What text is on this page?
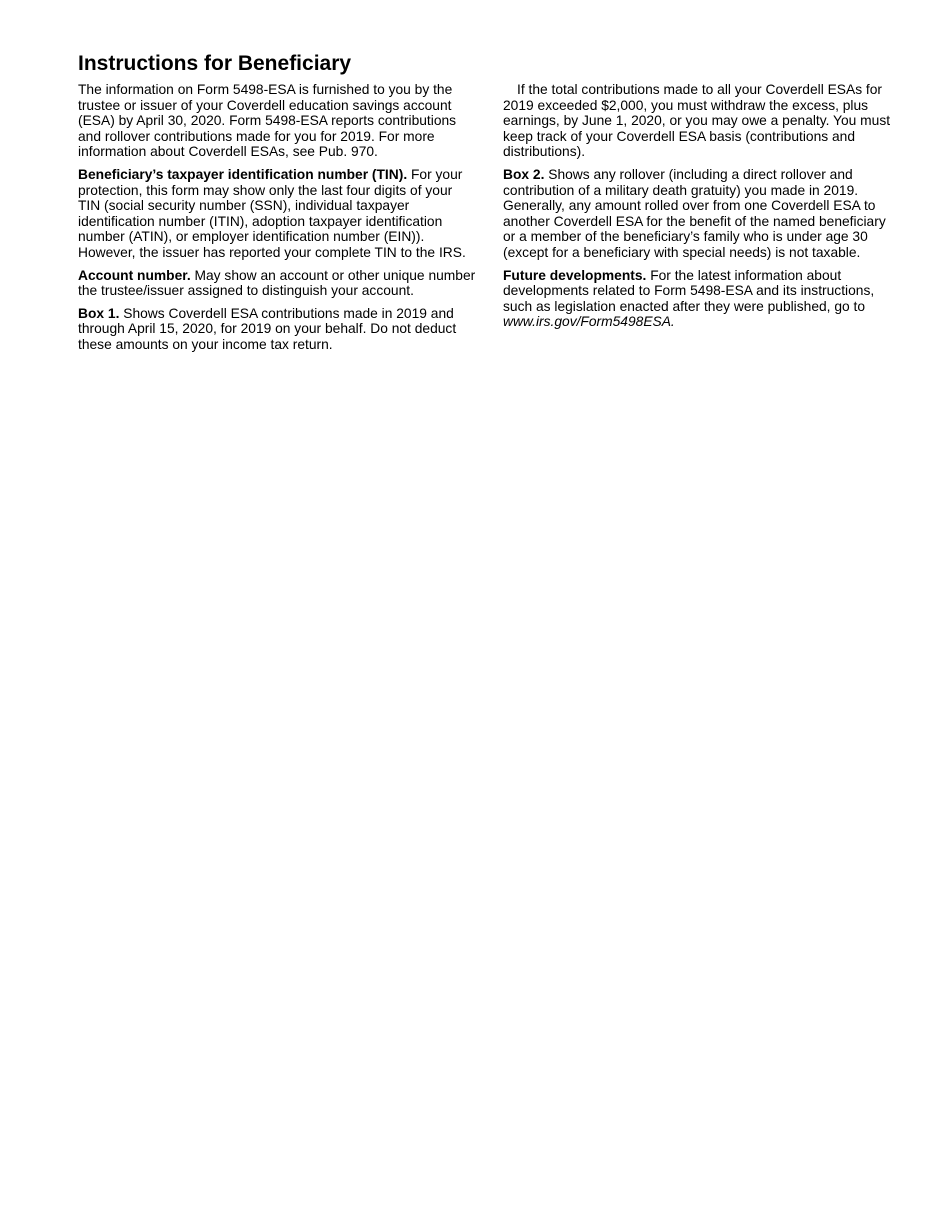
Instructions for Beneficiary

The information on Form 5498-ESA is furnished to you by the trustee or issuer of your Coverdell education savings account (ESA) by April 30, 2020. Form 5498-ESA reports contributions and rollover contributions made for you for 2019. For more information about Coverdell ESAs, see Pub. 970.

Beneficiary’s taxpayer identification number (TIN). For your protection, this form may show only the last four digits of your TIN (social security number (SSN), individual taxpayer identification number (ITIN), adoption taxpayer identification number (ATIN), or employer identification number (EIN)). However, the issuer has reported your complete TIN to the IRS.

Account number. May show an account or other unique number the trustee/issuer assigned to distinguish your account.

Box 1. Shows Coverdell ESA contributions made in 2019 and through April 15, 2020, for 2019 on your behalf. Do not deduct these amounts on your income tax return.

If the total contributions made to all your Coverdell ESAs for 2019 exceeded $2,000, you must withdraw the excess, plus earnings, by June 1, 2020, or you may owe a penalty. You must keep track of your Coverdell ESA basis (contributions and distributions).

Box 2. Shows any rollover (including a direct rollover and contribution of a military death gratuity) you made in 2019. Generally, any amount rolled over from one Coverdell ESA to another Coverdell ESA for the benefit of the named beneficiary or a member of the beneficiary’s family who is under age 30 (except for a beneficiary with special needs) is not taxable.

Future developments. For the latest information about developments related to Form 5498-ESA and its instructions, such as legislation enacted after they were published, go to www.irs.gov/Form5498ESA.
